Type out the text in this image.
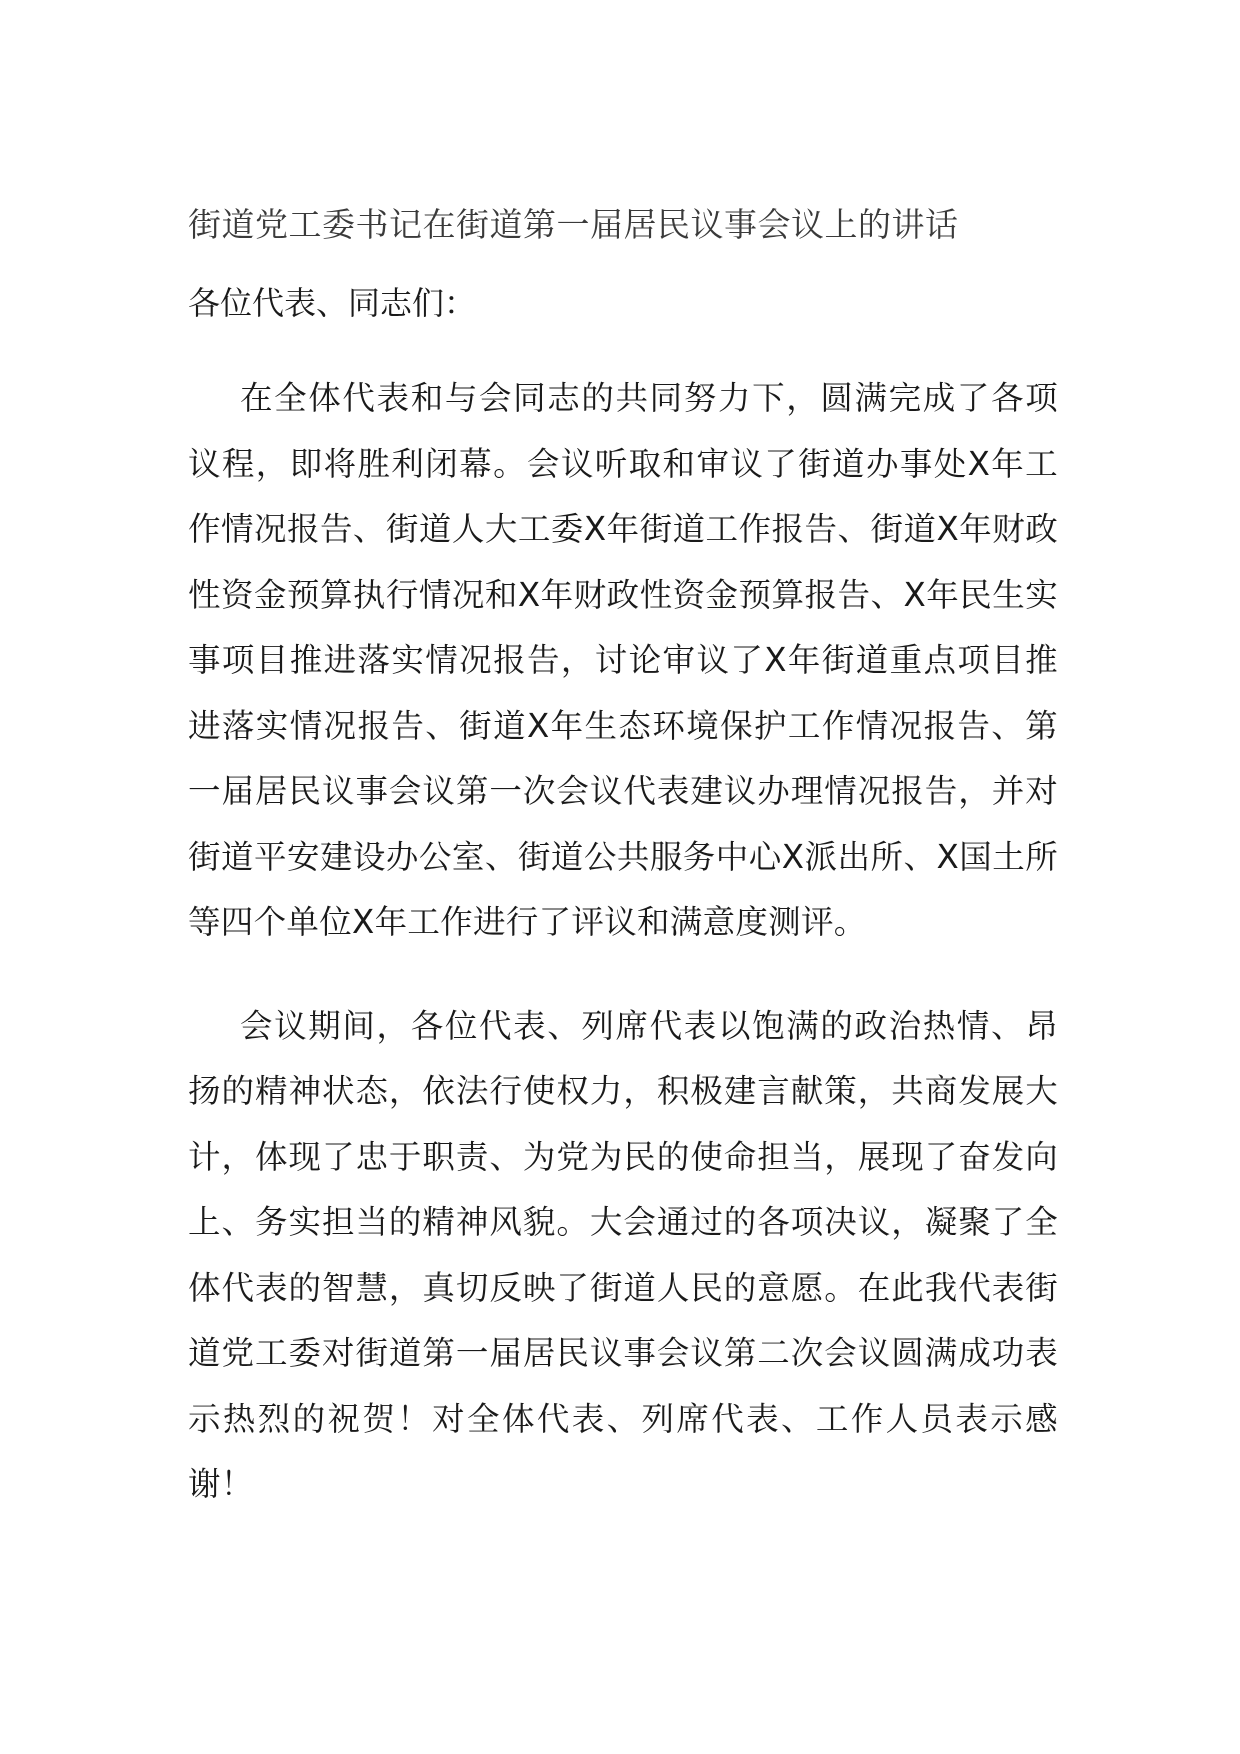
街道党工委书记在街道第一届居民议事会议上的讲话
各位代表、同志们：

在全体代表和与会同志的共同努力下，圆满完成了各项议程，即将胜利闭幕。会议听取和审议了街道办事处X年工作情况报告、街道人大工委X年街道工作报告、街道X年财政性资金预算执行情况和X年财政性资金预算报告、X年民生实事项目推进落实情况报告，讨论审议了X年街道重点项目推进落实情况报告、街道X年生态环境保护工作情况报告、第一届居民议事会议第一次会议代表建议办理情况报告，并对街道平安建设办公室、街道公共服务中心X派出所、X国土所等四个单位X年工作进行了评议和满意度测评。

会议期间，各位代表、列席代表以饱满的政治热情、昂扬的精神状态，依法行使权力，积极建言献策，共商发展大计，体现了忠于职责、为党为民的使命担当，展现了奋发向上、务实担当的精神风貌。大会通过的各项决议，凝聚了全体代表的智慧，真切反映了街道人民的意愿。在此我代表街道党工委对街道第一届居民议事会议第二次会议圆满成功表示热烈的祝贺！对全体代表、列席代表、工作人员表示感谢！
